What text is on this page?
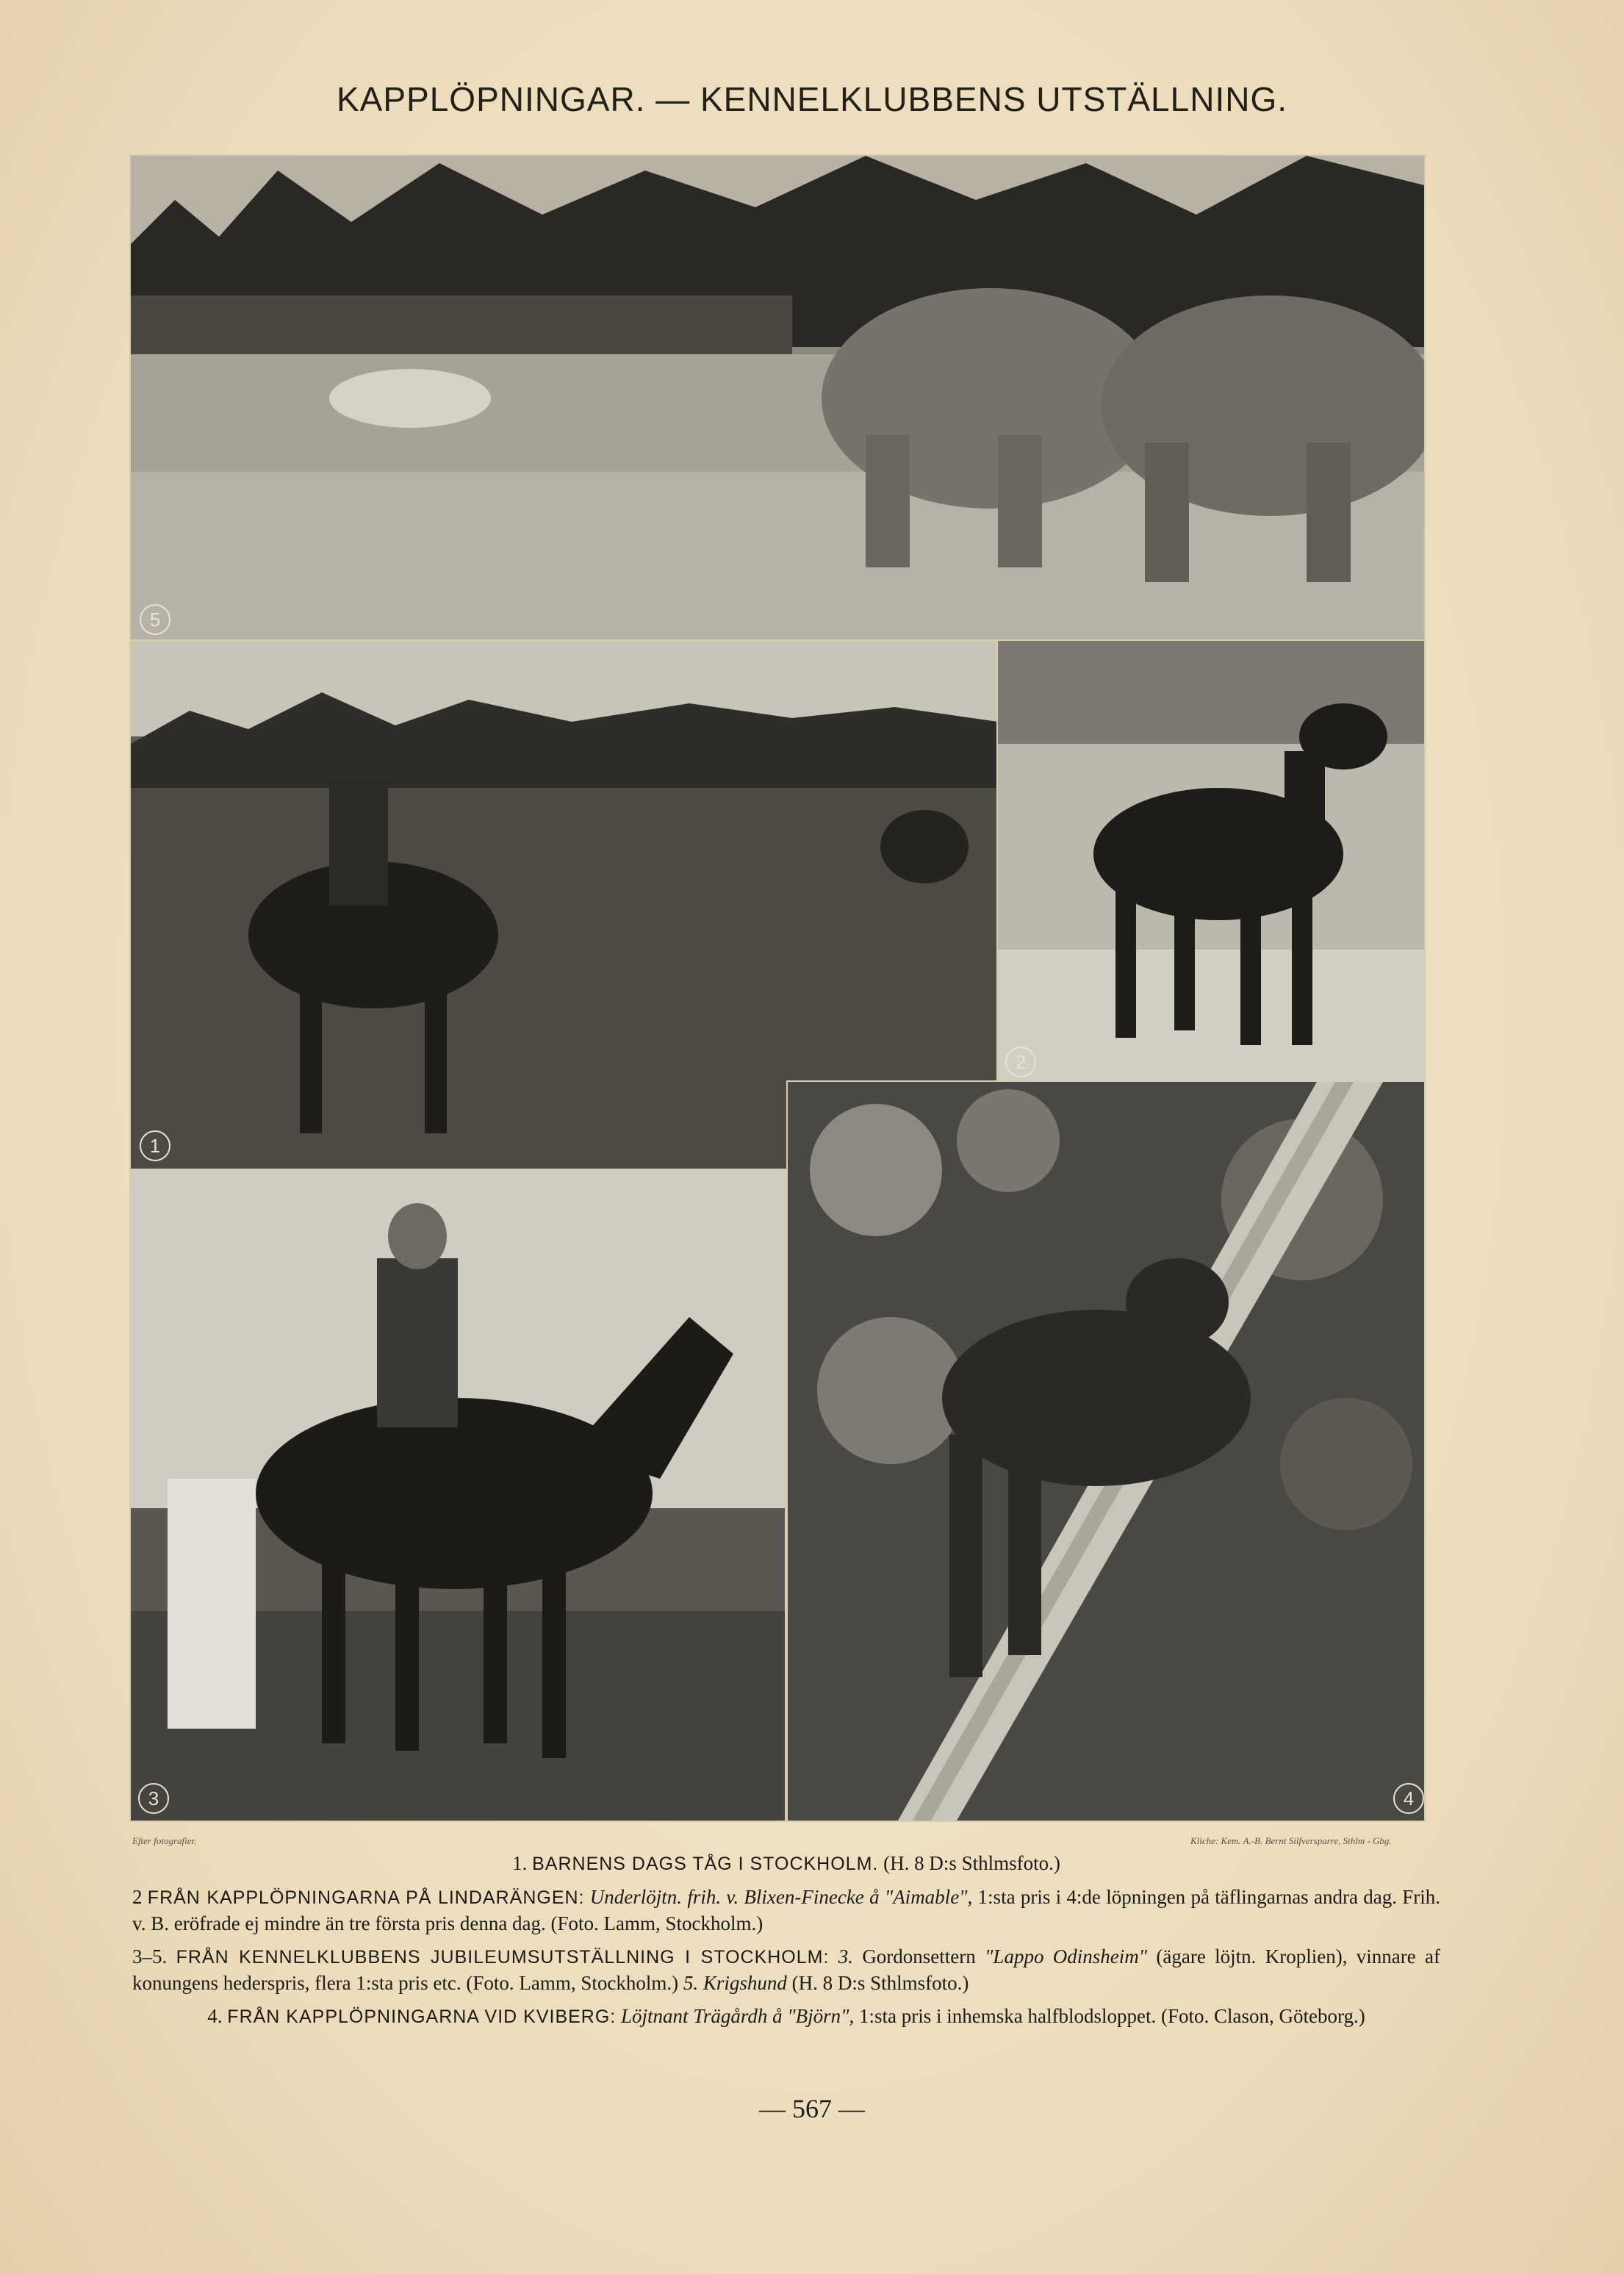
KAPPLÖPNINGAR. — KENNELKLUBBENS UTSTÄLLNING.
5
1
2
3	4
Efter fotografier.	Kliche: Kem. A.-B. Bernt Silfversparre, Sthlm - Gbg.

1. BARNENS DAGS TÅG I STOCKHOLM. (H. 8 D:s Sthlmsfoto.)

2 FRÅN KAPPLÖPNINGARNA PÅ LINDARÄNGEN: Underlöjtn. frih. v. Blixen-Finecke å "Aimable", 1:sta pris i 4:de löpningen på täflingarnas andra dag. Frih. v. B. eröfrade ej mindre än tre första pris denna dag. (Foto. Lamm, Stockholm.)

3–5. FRÅN KENNELKLUBBENS JUBILEUMSUTSTÄLLNING I STOCKHOLM: 3. Gordonsettern "Lappo Odinsheim" (ägare löjtn. Kroplien), vinnare af konungens hederspris, flera 1:sta pris etc. (Foto. Lamm, Stockholm.) 5. Krigshund (H. 8 D:s Sthlmsfoto.)

4. FRÅN KAPPLÖPNINGARNA VID KVIBERG: Löjtnant Trägårdh å "Björn", 1:sta pris i inhemska halfblodsloppet. (Foto. Clason, Göteborg.)

— 567 —
